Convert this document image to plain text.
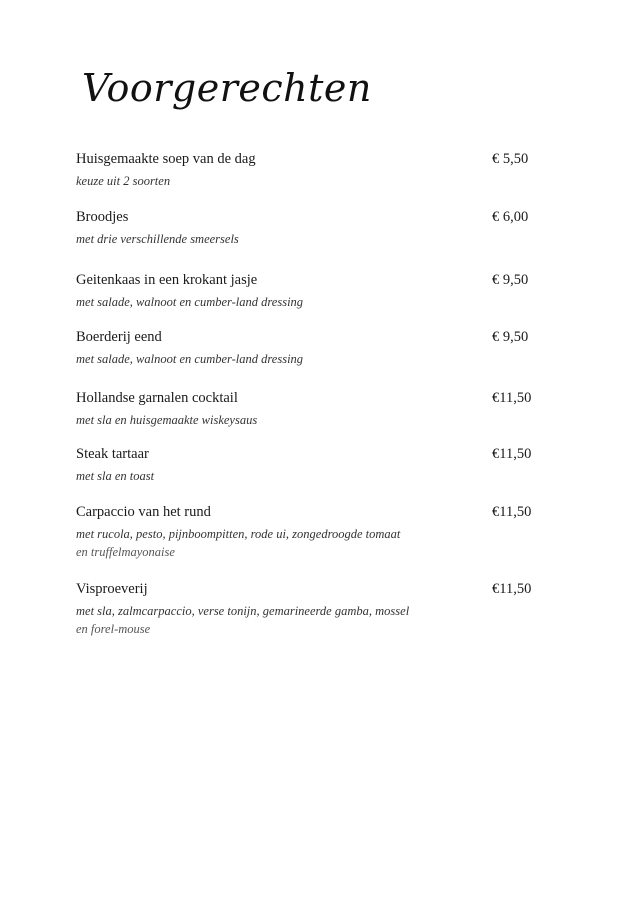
Voorgerechten
Huisgemaakte soep van de dag	€ 5,50
keuze uit 2 soorten
Broodjes	€ 6,00
met drie verschillende smeersels
Geitenkaas in een krokant jasje	€ 9,50
met salade, walnoot en cumber-land dressing
Boerderij eend	€ 9,50
met salade, walnoot en cumber-land dressing
Hollandse garnalen cocktail	€11,50
met sla en huisgemaakte wiskeysaus
Steak tartaar	€11,50
met sla en toast
Carpaccio van het rund	€11,50
met rucola, pesto, pijnboompitten, rode ui, zongedroogde tomaat
en truffelmayonaise
Visproeverij	€11,50
met sla, zalmcarpaccio, verse tonijn, gemarineerde gamba, mossel
en forel-mouse
